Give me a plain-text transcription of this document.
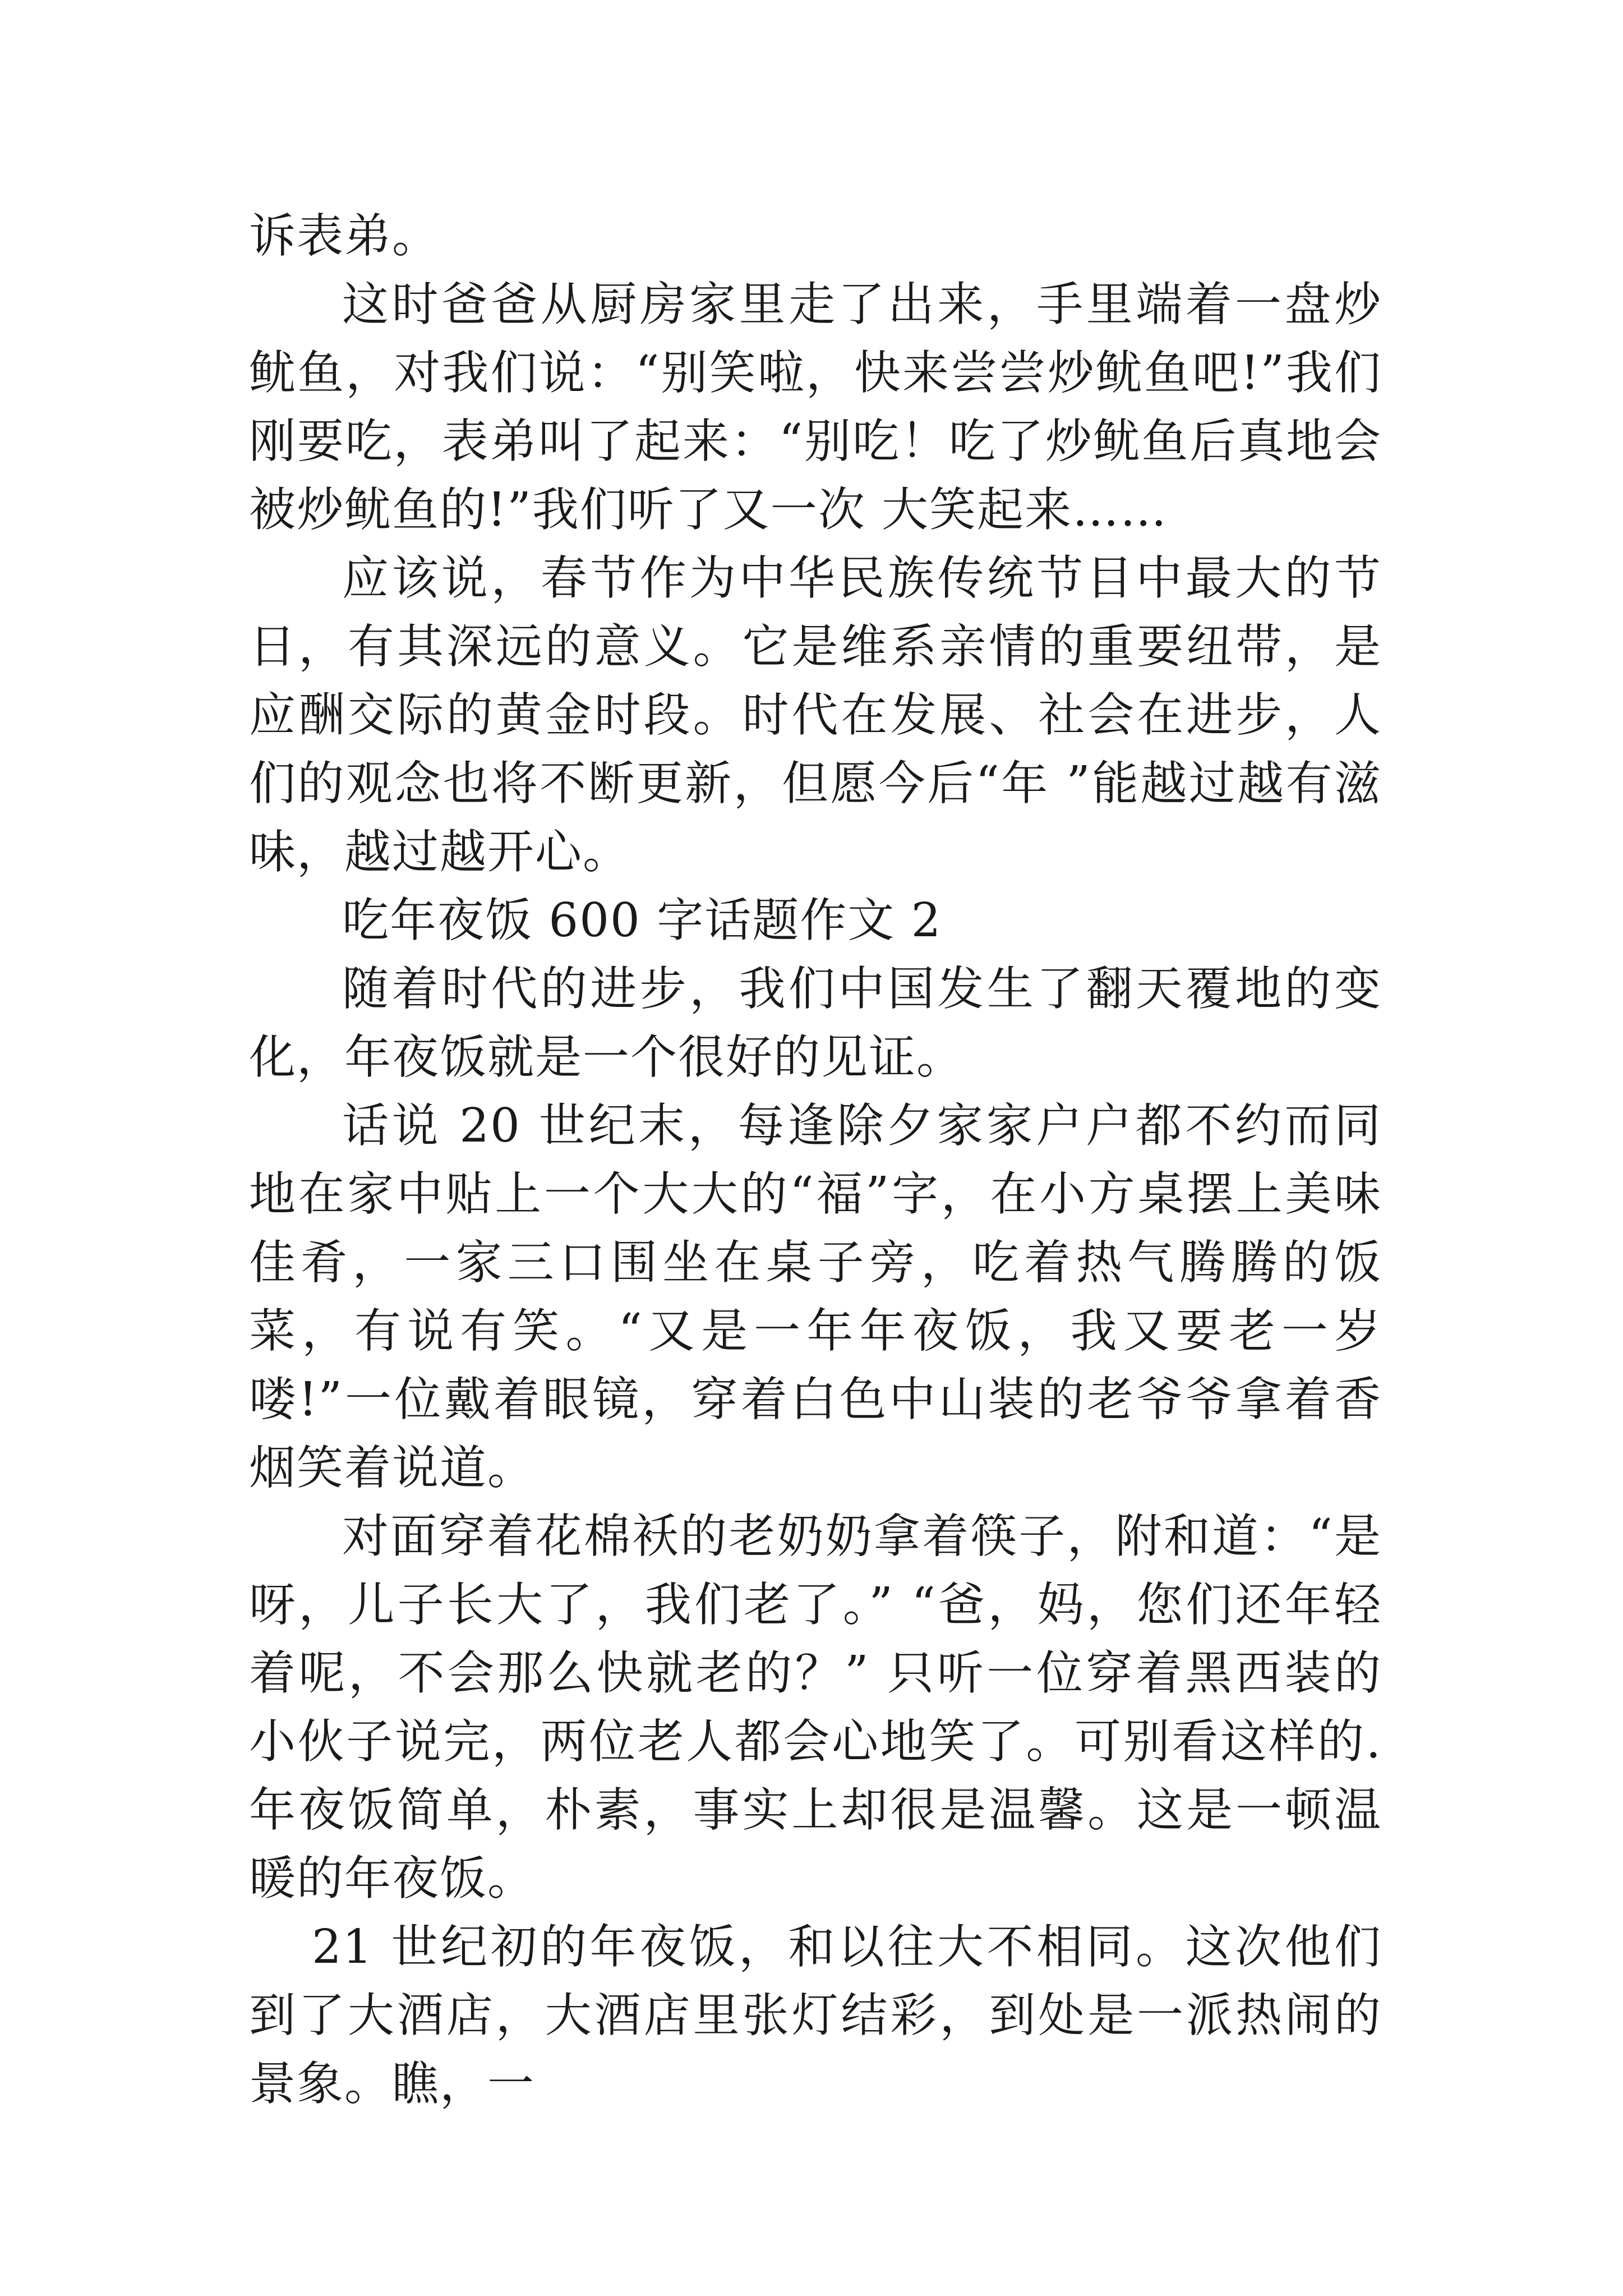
诉表弟。

这时爸爸从厨房家里走了出来，手里端着一盘炒鱿鱼，对我们说：“别笑啦，快来尝尝炒鱿鱼吧!”我们刚要吃，表弟叫了起来：“别吃！吃了炒鱿鱼后真地会被炒鱿鱼的!”我们听了又一次 大笑起来……

应该说，春节作为中华民族传统节目中最大的节日，有其深远的意义。它是维系亲情的重要纽带，是应酬交际的黄金时段。时代在发展、社会在进步，人们的观念也将不断更新，但愿今后“年 ”能越过越有滋味，越过越开心。

吃年夜饭 600 字话题作文 2

随着时代的进步，我们中国发生了翻天覆地的变化，年夜饭就是一个很好的见证。

话说 20 世纪末，每逢除夕家家户户都不约而同地在家中贴上一个大大的“福”字，在小方桌摆上美味佳肴，一家三口围坐在桌子旁，吃着热气腾腾的饭菜，有说有笑。“又是一年年夜饭，我又要老一岁喽!”一位戴着眼镜，穿着白色中山装的老爷爷拿着香烟笑着说道。

对面穿着花棉袄的老奶奶拿着筷子，附和道：“是呀，儿子长大了，我们老了。” “爸，妈，您们还年轻着呢，不会那么快就老的？” 只听一位穿着黑西装的小伙子说完，两位老人都会心地笑了。可别看这样的.年夜饭简单，朴素，事实上却很是温馨。这是一顿温暖的年夜饭。

21 世纪初的年夜饭，和以往大不相同。这次他们到了大酒店，大酒店里张灯结彩，到处是一派热闹的景象。瞧，一
